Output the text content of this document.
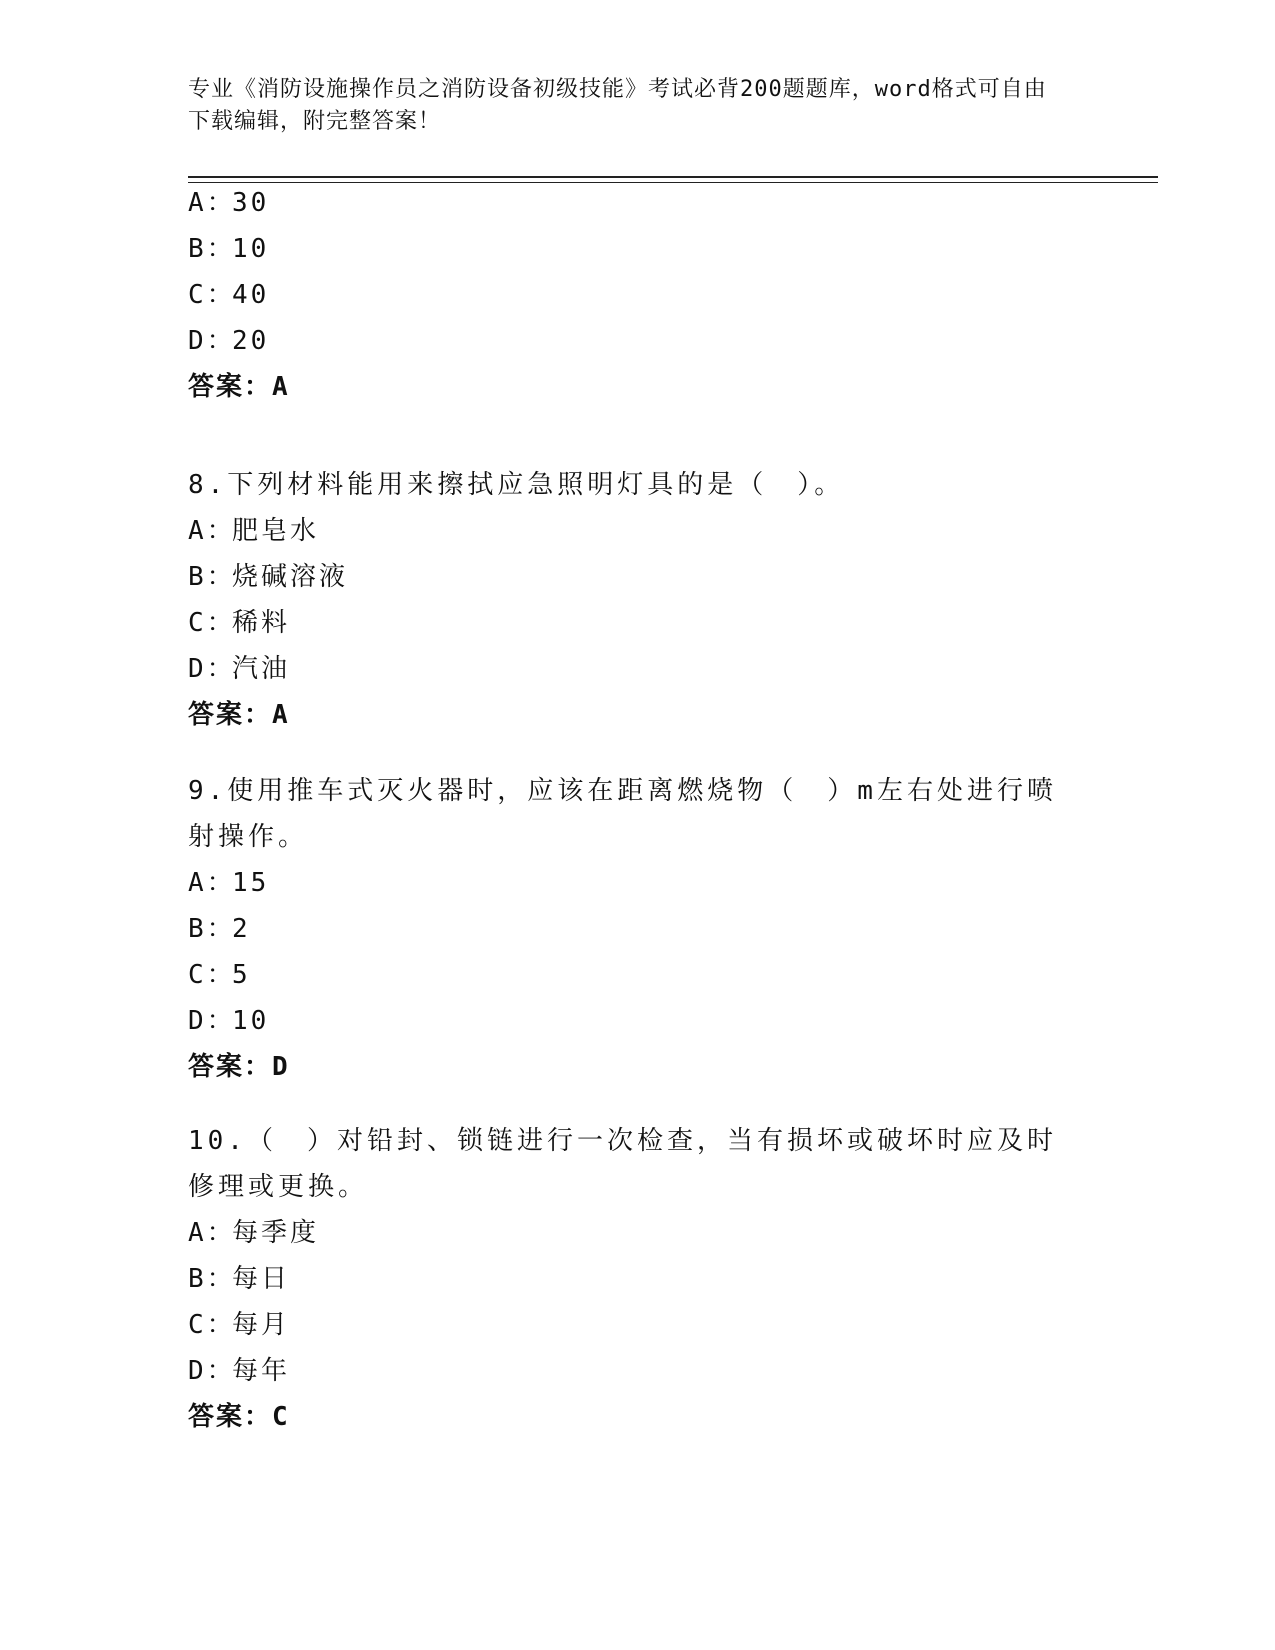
专业《消防设施操作员之消防设备初级技能》考试必背200题题库，word格式可自由下载编辑，附完整答案！
A：30
B：10
C：40
D：20
答案：A
8.下列材料能用来擦拭应急照明灯具的是（　）。
A：肥皂水
B：烧碱溶液
C：稀料
D：汽油
答案：A
9.使用推车式灭火器时，应该在距离燃烧物（　）m左右处进行喷射操作。
A：15
B：2
C：5
D：10
答案：D
10.（　）对铅封、锁链进行一次检查，当有损坏或破坏时应及时修理或更换。
A：每季度
B：每日
C：每月
D：每年
答案：C
